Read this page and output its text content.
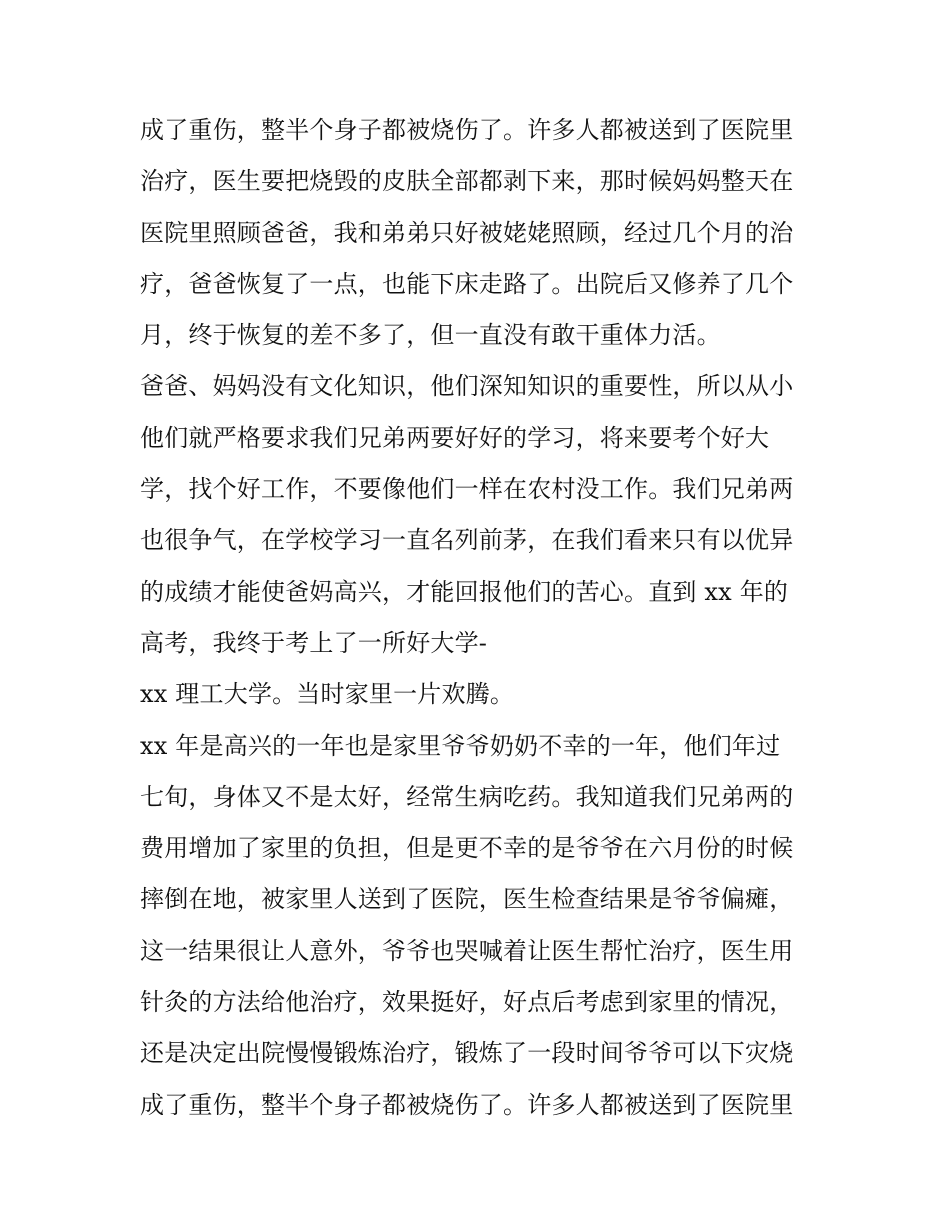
成了重伤，整半个身子都被烧伤了。许多人都被送到了医院里
治疗，医生要把烧毁的皮肤全部都剥下来，那时候妈妈整天在
医院里照顾爸爸，我和弟弟只好被姥姥照顾，经过几个月的治
疗，爸爸恢复了一点，也能下床走路了。出院后又修养了几个
月，终于恢复的差不多了，但一直没有敢干重体力活。
爸爸、妈妈没有文化知识，他们深知知识的重要性，所以从小
他们就严格要求我们兄弟两要好好的学习，将来要考个好大
学，找个好工作，不要像他们一样在农村没工作。我们兄弟两
也很争气，在学校学习一直名列前茅，在我们看来只有以优异
的成绩才能使爸妈高兴，才能回报他们的苦心。直到 xx 年的
高考，我终于考上了一所好大学-
xx 理工大学。当时家里一片欢腾。
xx 年是高兴的一年也是家里爷爷奶奶不幸的一年，他们年过
七旬，身体又不是太好，经常生病吃药。我知道我们兄弟两的
费用增加了家里的负担，但是更不幸的是爷爷在六月份的时候
摔倒在地，被家里人送到了医院，医生检查结果是爷爷偏瘫，
这一结果很让人意外，爷爷也哭喊着让医生帮忙治疗，医生用
针灸的方法给他治疗，效果挺好，好点后考虑到家里的情况，
还是决定出院慢慢锻炼治疗，锻炼了一段时间爷爷可以下灾烧
成了重伤，整半个身子都被烧伤了。许多人都被送到了医院里
